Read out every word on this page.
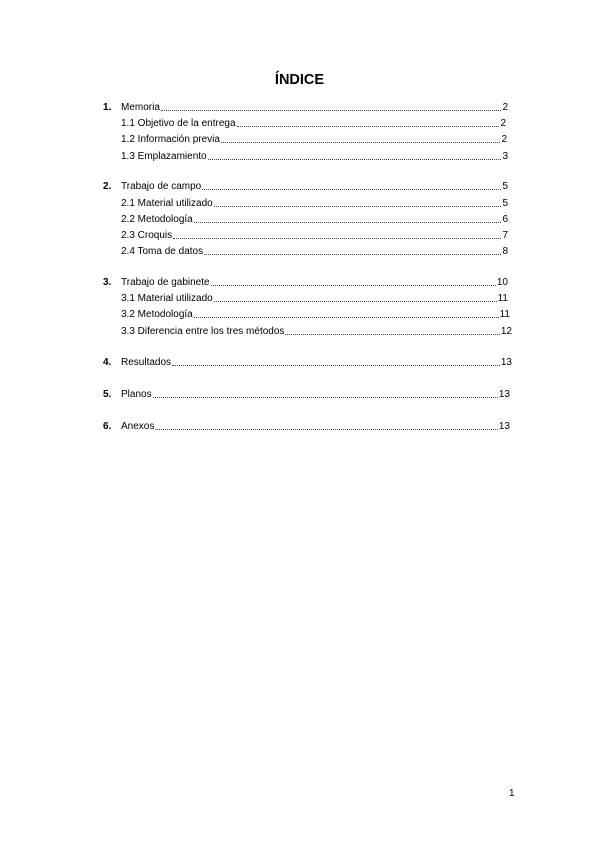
ÍNDICE
1. Memoria	2
1.1 Objetivo de la entrega	2
1.2 Información previa	2
1.3 Emplazamiento	3
2. Trabajo de campo	5
2.1 Material utilizado	5
2.2 Metodología	6
2.3 Croquis	7
2.4 Toma de datos	8
3. Trabajo de gabinete	10
3.1 Material utilizado	11
3.2 Metodología	11
3.3 Diferencia entre los tres métodos	12
4. Resultados	13
5. Planos	13
6. Anexos	13
1
